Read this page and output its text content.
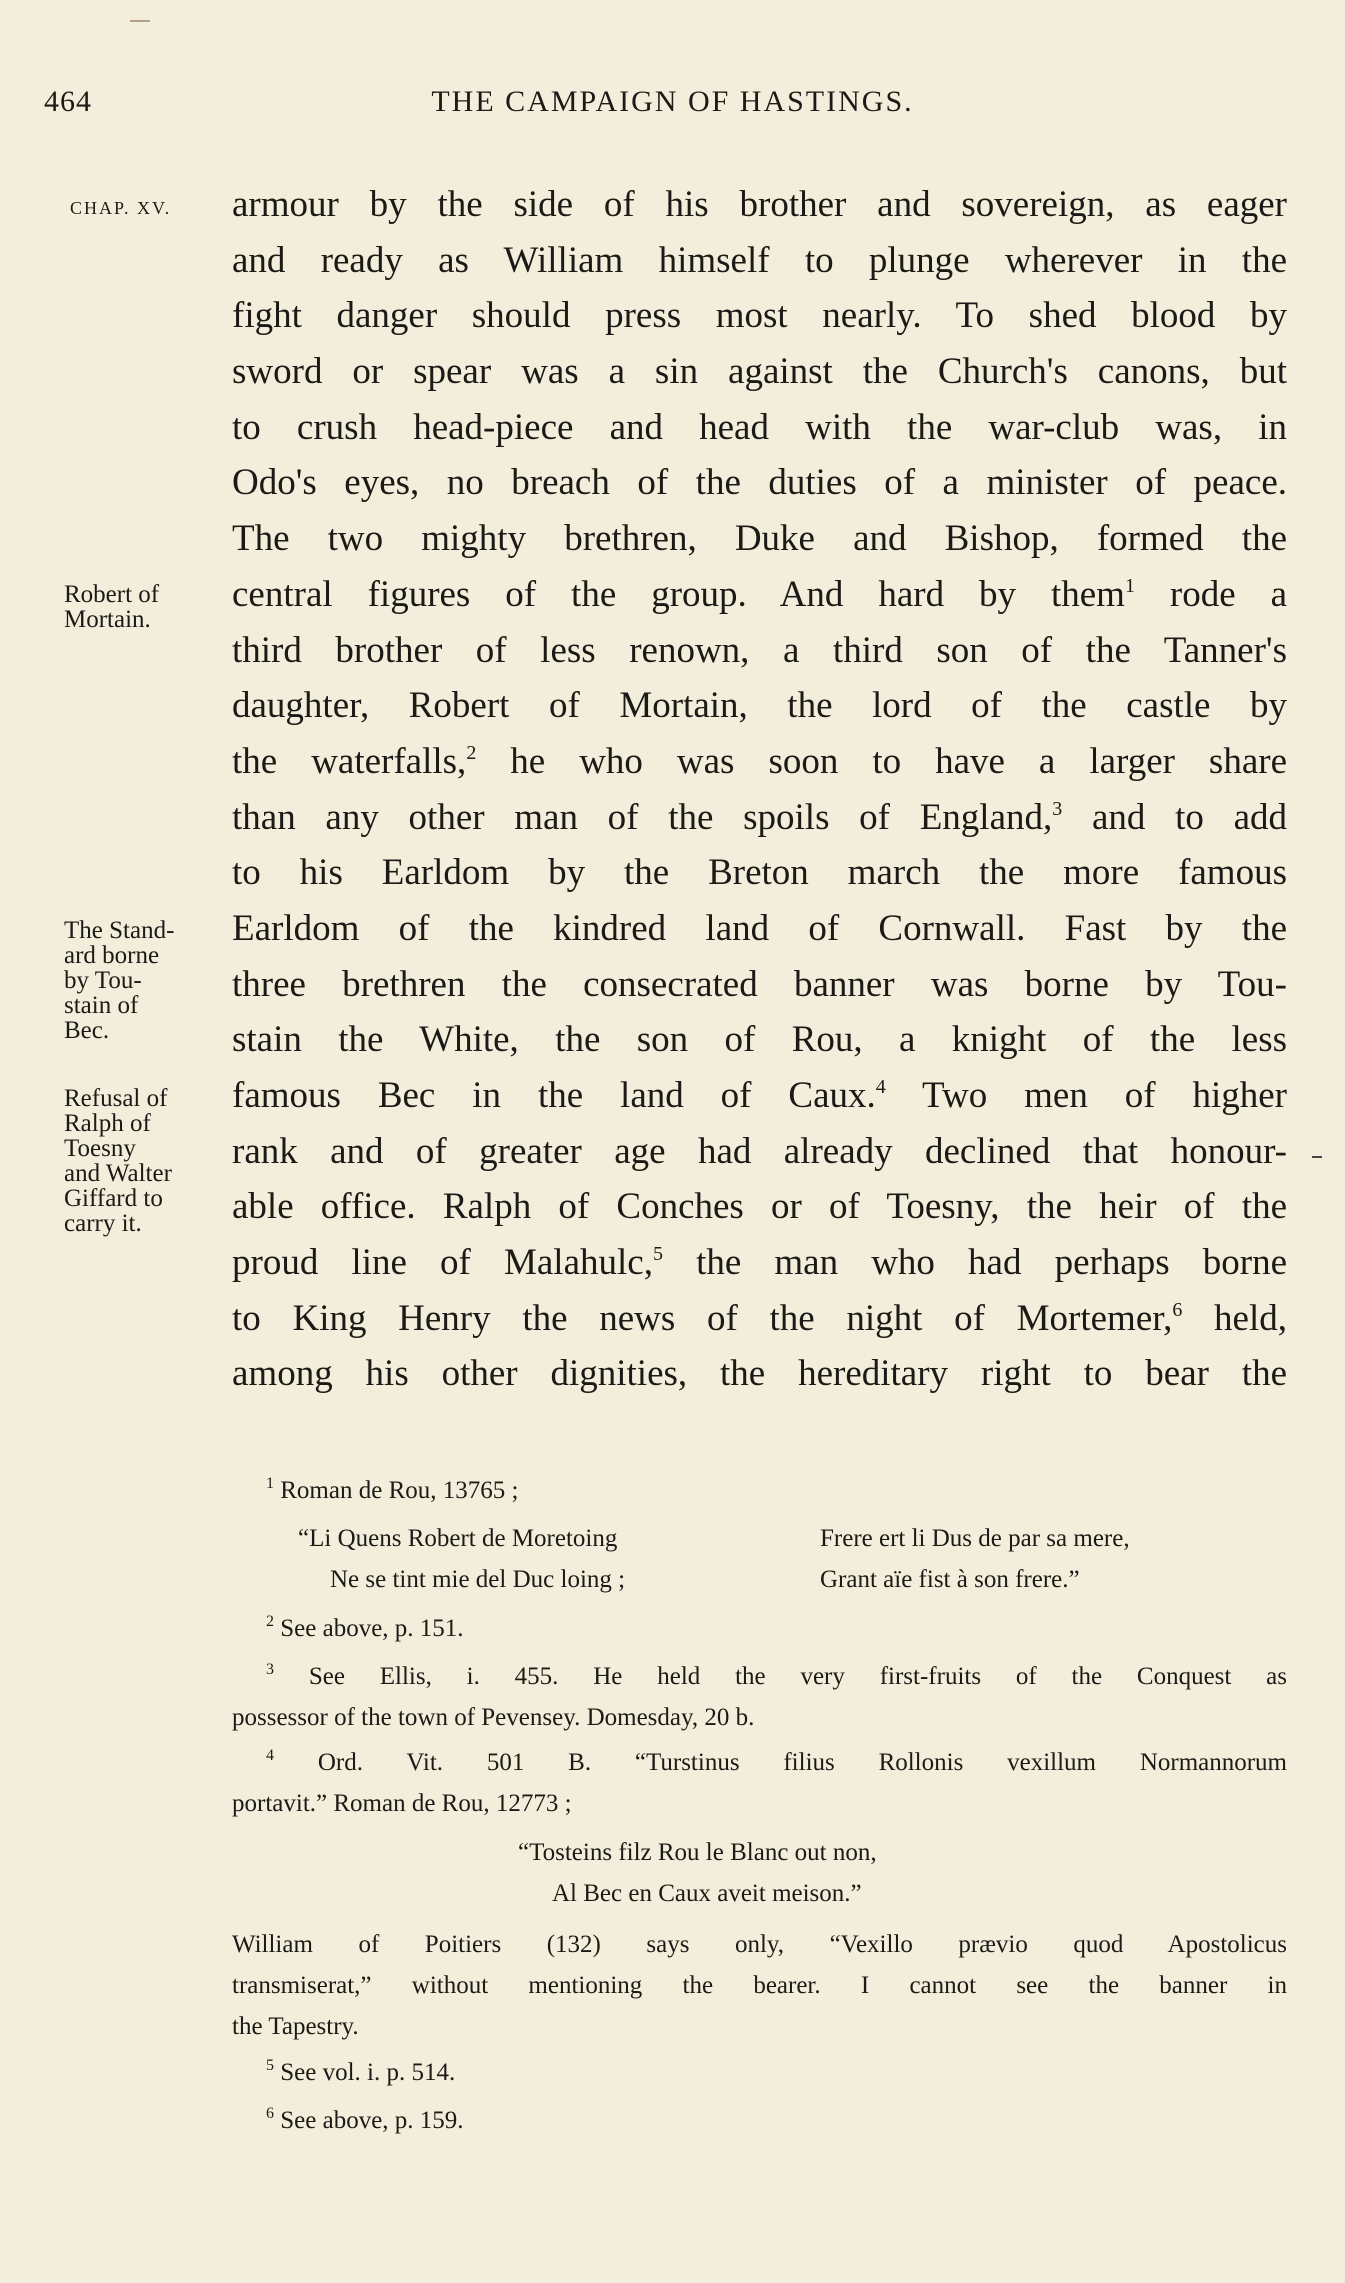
464	THE CAMPAIGN OF HASTINGS.
CHAP. XV.
Robert of
Mortain.
The Stand-
ard borne
by Tou-
stain of
Bec.
Refusal of
Ralph of
Toesny
and Walter
Giffard to
carry it.
armour by the side of his brother and sovereign, as eager
and ready as William himself to plunge wherever in the
fight danger should press most nearly. To shed blood by
sword or spear was a sin against the Church's canons, but
to crush head-piece and head with the war-club was, in
Odo's eyes, no breach of the duties of a minister of peace.
The two mighty brethren, Duke and Bishop, formed the
central figures of the group. And hard by them$^1$ rode a
third brother of less renown, a third son of the Tanner's
daughter, Robert of Mortain, the lord of the castle by
the waterfalls,$^2$ he who was soon to have a larger share
than any other man of the spoils of England,$^3$ and to add
to his Earldom by the Breton march the more famous
Earldom of the kindred land of Cornwall. Fast by the
three brethren the consecrated banner was borne by Tou-
stain the White, the son of Rou, a knight of the less
famous Bec in the land of Caux.$^4$ Two men of higher
rank and of greater age had already declined that honour-
able office. Ralph of Conches or of Toesny, the heir of the
proud line of Malahulc,$^5$ the man who had perhaps borne
to King Henry the news of the night of Mortemer,$^6$ held,
among his other dignities, the hereditary right to bear the
$^1$ Roman de Rou, 13765 ;
“Li Quens Robert de Moretoing
Ne se tint mie del Duc loing ;
Frere ert li Dus de par sa mere,
Grant aïe fist à son frere.”
$^2$ See above, p. 151.
$^3$ See Ellis, i. 455. He held the very first-fruits of the Conquest as
possessor of the town of Pevensey. Domesday, 20 b.
$^4$ Ord. Vit. 501 B. “Turstinus filius Rollonis vexillum Normannorum
portavit.” Roman de Rou, 12773 ;
“Tosteins filz Rou le Blanc out non,
Al Bec en Caux aveit meison.”
William of Poitiers (132) says only, “Vexillo prævio quod Apostolicus
transmiserat,” without mentioning the bearer. I cannot see the banner in
the Tapestry.
$^5$ See vol. i. p. 514.
$^6$ See above, p. 159.
